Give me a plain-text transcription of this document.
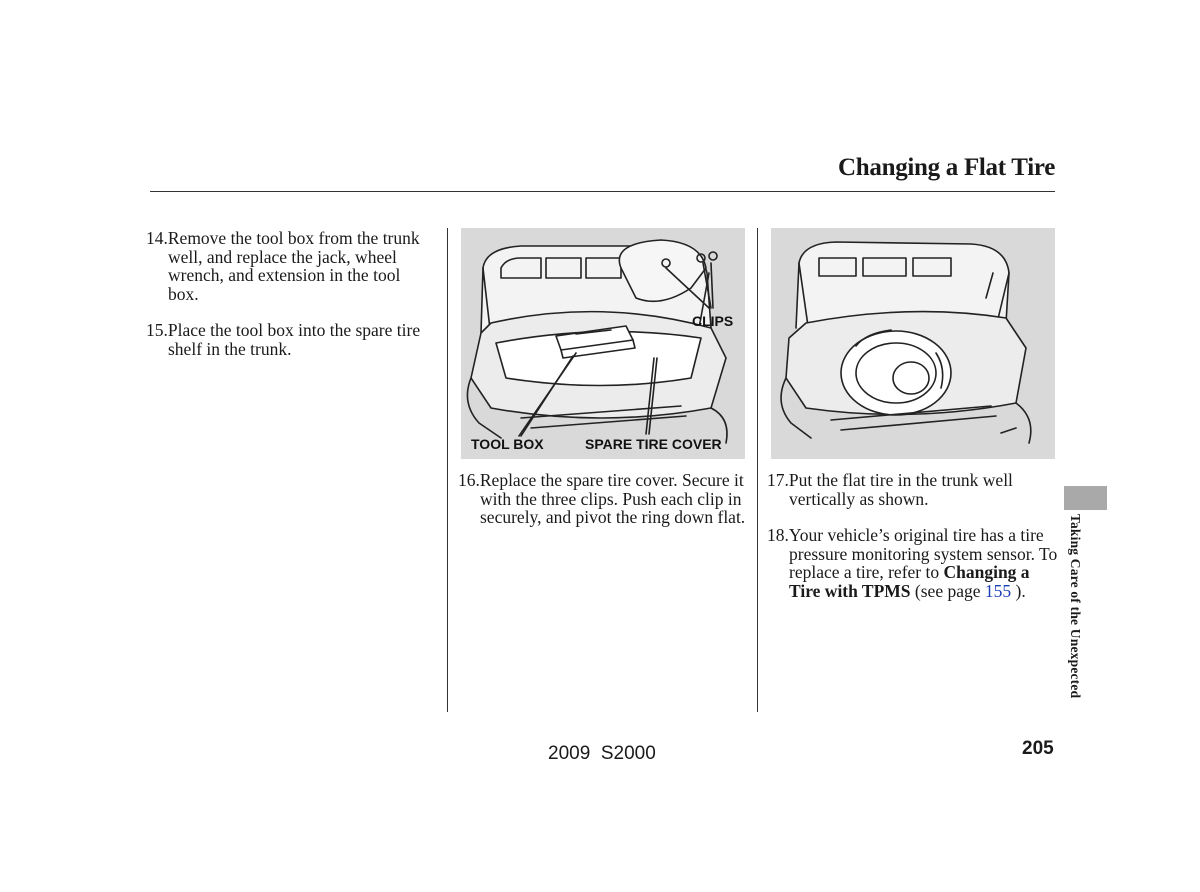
Changing a Flat Tire

14.Remove the tool box from the trunk well, and replace the jack, wheel wrench, and extension in the tool box.

15.Place the tool box into the spare tire shelf in the trunk.

CLIPS
TOOL BOX	SPARE TIRE COVER

16.Replace the spare tire cover. Secure it with the three clips. Push each clip in securely, and pivot the ring down flat.

17.Put the flat tire in the trunk well vertically as shown.

18.Your vehicle’s original tire has a tire pressure monitoring system sensor. To replace a tire, refer to Changing a Tire with TPMS (see page 155 ).	Taking Care of the Unexpected
2009  S2000	205
